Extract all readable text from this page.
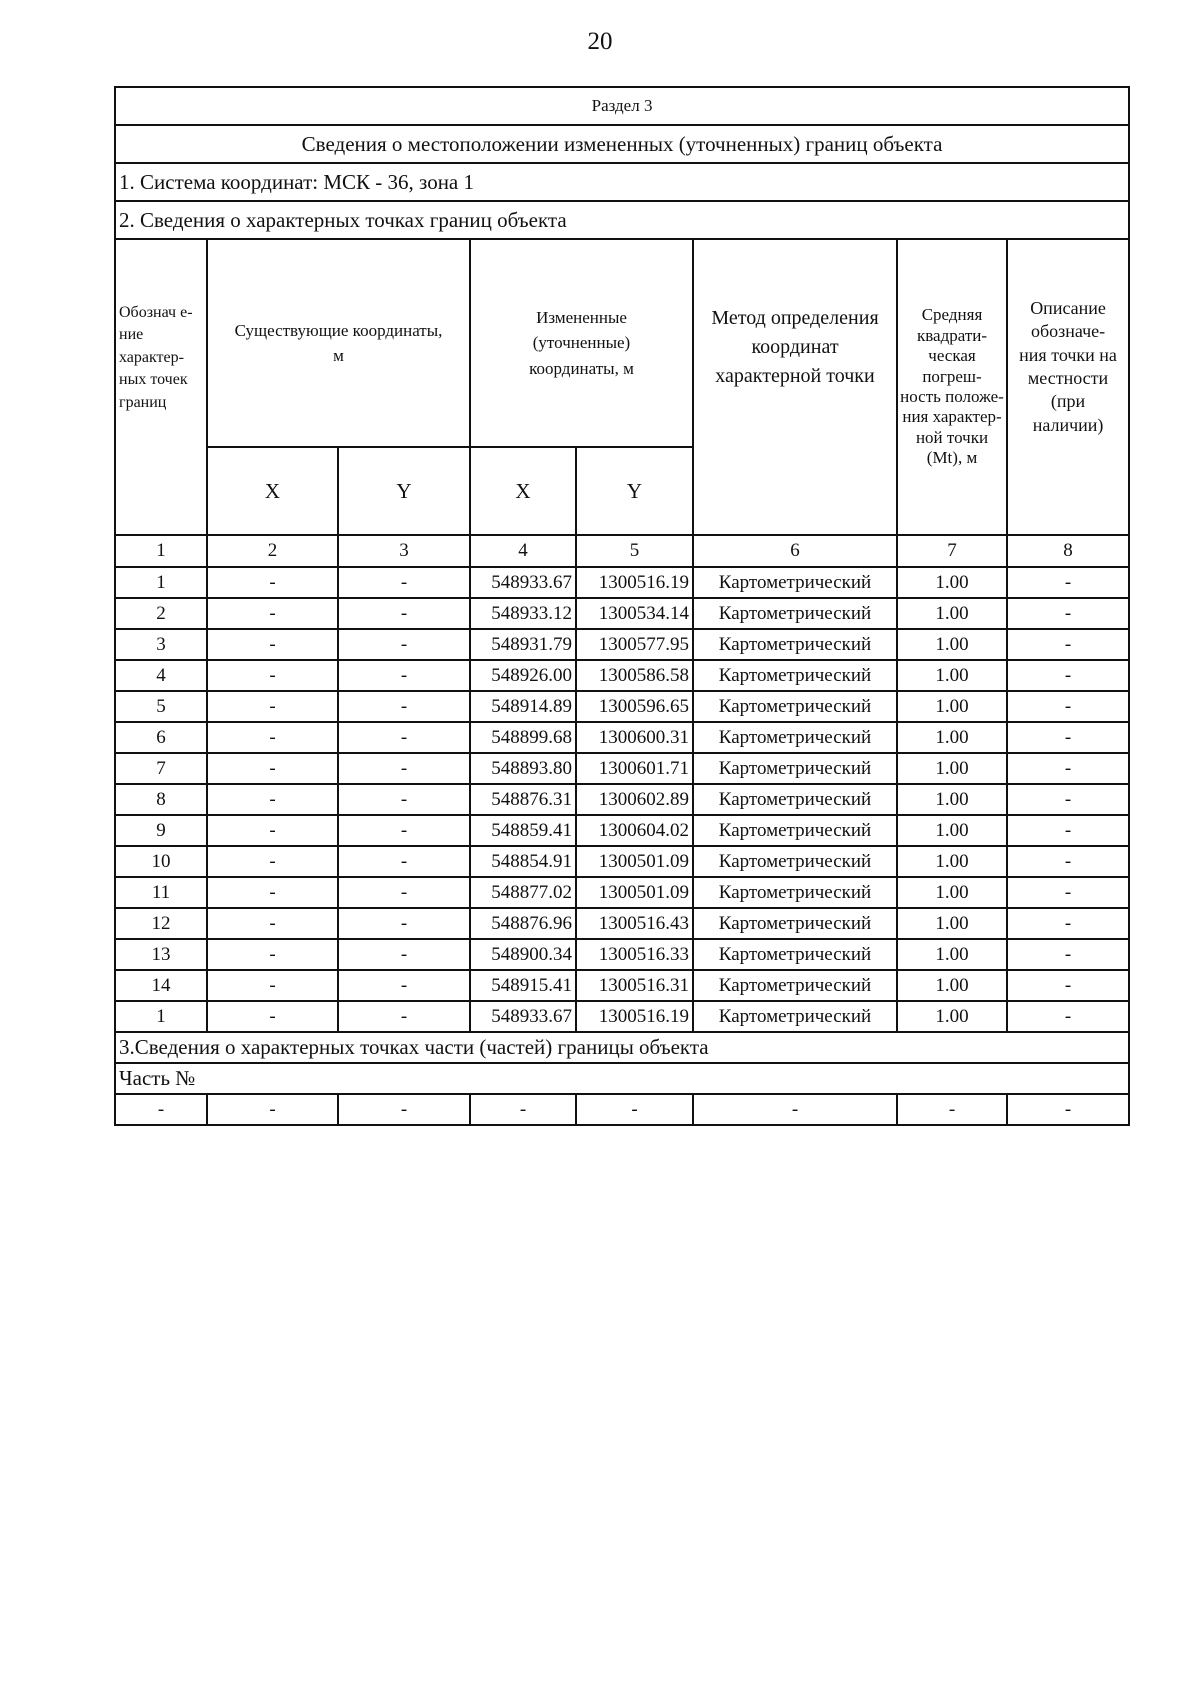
20
Раздел 3							
Сведения о местоположении измененных (уточненных) границ объекта							
1. Система координат: МСК - 36, зона 1							
2. Сведения о характерных точках границ объекта							
Обознач е-ние характер- ных точек границ	Существующие координаты, м		Измененные (уточненные) координаты, м		Метод определения координат характерной точки	Средняя квадрати- ческая погреш- ность положе- ния характер- ной точки (Mt), м	Описание обозначе- ния точки на местности (при наличии)
	X	Y	X	Y			
1	2	3	4	5	6	7	8
1	-	-	548933.67	1300516.19	Картометрический	1.00	-
2	-	-	548933.12	1300534.14	Картометрический	1.00	-
3	-	-	548931.79	1300577.95	Картометрический	1.00	-
4	-	-	548926.00	1300586.58	Картометрический	1.00	-
5	-	-	548914.89	1300596.65	Картометрический	1.00	-
6	-	-	548899.68	1300600.31	Картометрический	1.00	-
7	-	-	548893.80	1300601.71	Картометрический	1.00	-
8	-	-	548876.31	1300602.89	Картометрический	1.00	-
9	-	-	548859.41	1300604.02	Картометрический	1.00	-
10	-	-	548854.91	1300501.09	Картометрический	1.00	-
11	-	-	548877.02	1300501.09	Картометрический	1.00	-
12	-	-	548876.96	1300516.43	Картометрический	1.00	-
13	-	-	548900.34	1300516.33	Картометрический	1.00	-
14	-	-	548915.41	1300516.31	Картометрический	1.00	-
1	-	-	548933.67	1300516.19	Картометрический	1.00	-
3.Сведения о характерных точках части (частей) границы объекта							
Часть №							
-	-	-	-	-	-	-	-
